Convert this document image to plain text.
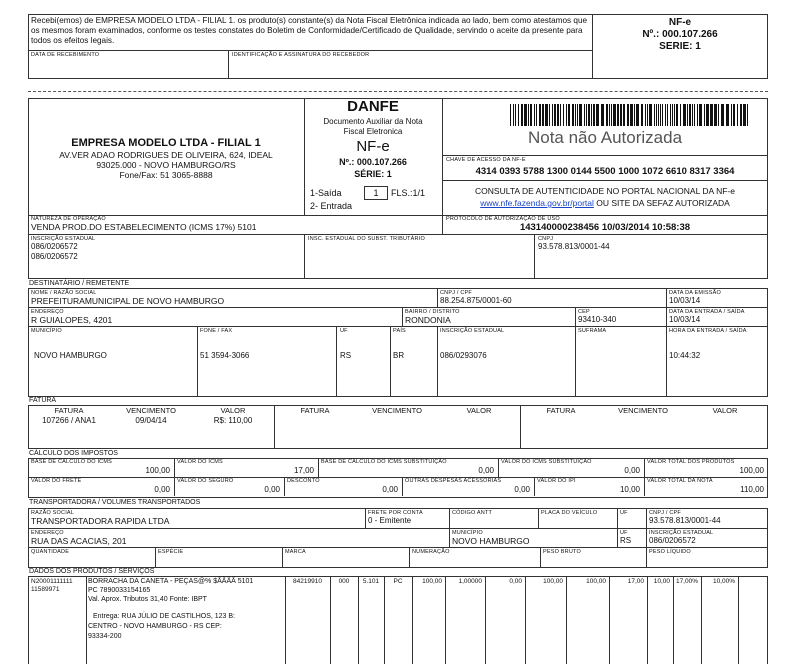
Recebi(emos) de EMPRESA MODELO LTDA - FILIAL 1. os produto(s) constante(s) da Nota Fiscal Eletrônica indicada ao lado, bem como atestamos que os mesmos foram examinados, conforme os testes constates do Boletim de Conformidade/Certificado de Qualidade, servindo o aceite da presente para todos os efeitos legais.
DATA DE RECEBIMENTO	IDENTIFICAÇÃO E ASSINATURA DO RECEBEDOR
NF-e
Nº.: 000.107.266
SERIE: 1
EMPRESA MODELO LTDA - FILIAL 1
AV.VER ADAO RODRIGUES DE OLIVEIRA, 624, IDEAL
93025.000 - NOVO HAMBURGO/RS
Fone/Fax: 51 3065-8888
DANFE
Documento Auxiliar da Nota
Fiscal Eletronica
NF-e
Nº.: 000.107.266
SÉRIE: 1
1-Saída
2- Entrada
1	FLS.:1/1
Nota não Autorizada
CHAVE DE ACESSO DA NF-E
4314 0393 5788 1300 0144 5500 1000 1072 6610 8317 3364
CONSULTA DE AUTENTICIDADE NO PORTAL NACIONAL DA NF-e
www.nfe.fazenda.gov.br/portal OU SITE DA SEFAZ AUTORIZADA
NATUREZA DE OPERAÇÃO
VENDA PROD.DO ESTABELECIMENTO (ICMS 17%) 5101
PROTOCOLO DE AUTORIZAÇÃO DE USO
143140000238456 10/03/2014 10:58:38
INSCRIÇÃO ESTADUAL
086/0206572
086/0206572
INSC. ESTADUAL DO SUBST. TRIBUTÁRIO	CNPJ
93.578.813/0001-44
DESTINATÁRIO / REMETENTE
NOME / RAZÃO SOCIAL
PREFEITURAMUNICIPAL DE NOVO HAMBURGO
CNPJ / CPF
88.254.875/0001-60
DATA DA EMISSÃO
10/03/14
ENDEREÇO
R GUIALOPES, 4201
BAIRRO / DISTRITO
RONDONIA
CEP
93410-340
DATA DA ENTRADA / SAÍDA
10/03/14
MUNICÍPIO
NOVO HAMBURGO
FONE / FAX
51 3594-3066
UF
RS
PAÍS
BR
INSCRIÇÃO ESTADUAL
086/0293076
SUFRAMA	HORA DA ENTRADA / SAÍDA
10:44:32
FATURA
FATURA	VENCIMENTO	VALOR	FATURA	VENCIMENTO	VALOR	FATURA	VENCIMENTO	VALOR
107266 / ANA1	09/04/14	R$: 110,00
CÁLCULO DOS IMPOSTOS
BASE DE CÁLCULO DO ICMS
100,00
VALOR DO ICMS
17,00
BASE DE CÁLCULO DO ICMS SUBSTITUIÇÃO
0,00
VALOR DO ICMS SUBSTITUIÇÃO
0,00
VALOR TOTAL DOS PRODUTOS
100,00
VALOR DO FRETE
0,00
VALOR DO SEGURO
0,00
DESCONTO
0,00
OUTRAS DESPESAS ACESSÓRIAS
0,00
VALOR DO IPI
10,00
VALOR TOTAL DA NOTA
110,00
TRANSPORTADORA / VOLUMES TRANSPORTADOS
RAZÃO SOCIAL
TRANSPORTADORA RAPIDA LTDA
FRETE POR CONTA
0 - Emitente
CÓDIGO ANTT	PLACA DO VEÍCULO	UF	CNPJ / CPF
93.578.813/0001-44
ENDEREÇO
RUA DAS ACACIAS, 201
MUNICÍPIO
NOVO HAMBURGO
UF
RS
INSCRIÇÃO ESTADUAL
086/0206572
QUANTIDADE	ESPÉCIE	MARCA	NUMERAÇÃO	PESO BRUTO	PESO LÍQUIDO
DADOS DOS PRODUTOS / SERVIÇOS
84219910	000	5.101	PC	100,00	1,00000	0,00	100,00	100,00	17,00	10,00 17,00%	10,00%
N20001111111
11589971
BORRACHA DA CANETA - PEÇAS@% $ÃÃÃÃ 5101
PC 7890033154165
Val. Aprox. Tributos 31,40 Fonte: IBPT
Entrega: RUA JÚLIO DE CASTILHOS, 123 B:
CENTRO - NOVO HAMBURGO - RS CEP:
93334-200
